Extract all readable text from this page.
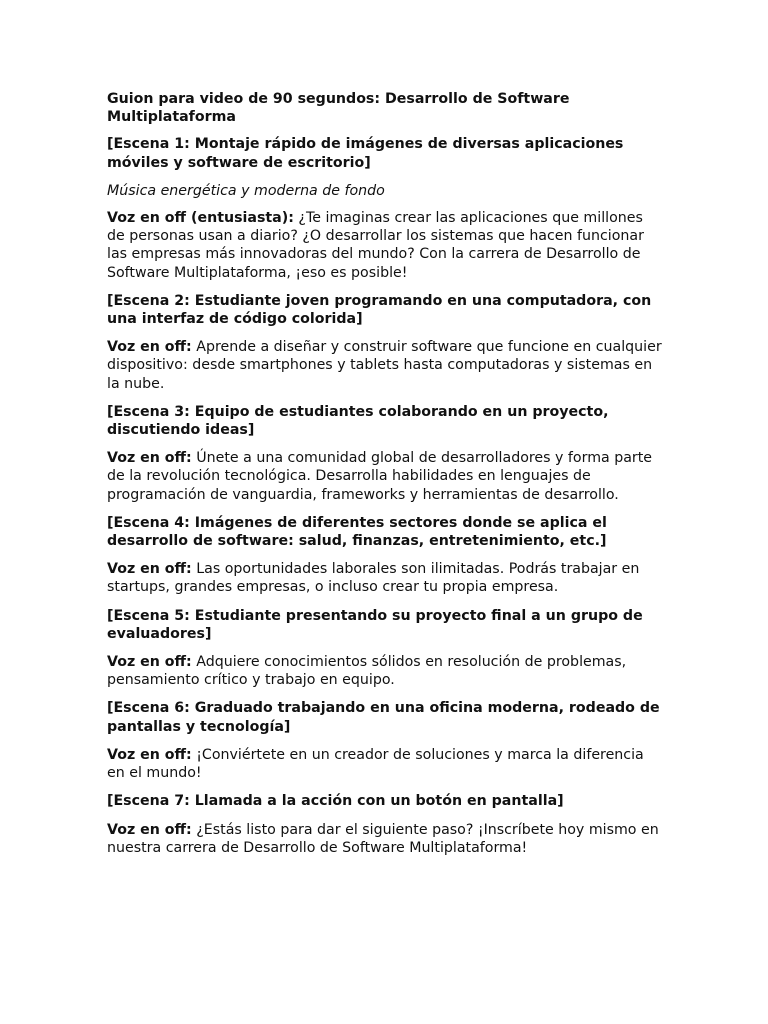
Guion para video de 90 segundos: Desarrollo de Software Multiplataforma
[Escena 1: Montaje rápido de imágenes de diversas aplicaciones móviles y software de escritorio]
Música energética y moderna de fondo
Voz en off (entusiasta): ¿Te imaginas crear las aplicaciones que millones de personas usan a diario? ¿O desarrollar los sistemas que hacen funcionar las empresas más innovadoras del mundo? Con la carrera de Desarrollo de Software Multiplataforma, ¡eso es posible!
[Escena 2: Estudiante joven programando en una computadora, con una interfaz de código colorida]
Voz en off: Aprende a diseñar y construir software que funcione en cualquier dispositivo: desde smartphones y tablets hasta computadoras y sistemas en la nube.
[Escena 3: Equipo de estudiantes colaborando en un proyecto, discutiendo ideas]
Voz en off: Únete a una comunidad global de desarrolladores y forma parte de la revolución tecnológica. Desarrolla habilidades en lenguajes de programación de vanguardia, frameworks y herramientas de desarrollo.
[Escena 4: Imágenes de diferentes sectores donde se aplica el desarrollo de software: salud, finanzas, entretenimiento, etc.]
Voz en off: Las oportunidades laborales son ilimitadas. Podrás trabajar en startups, grandes empresas, o incluso crear tu propia empresa.
[Escena 5: Estudiante presentando su proyecto final a un grupo de evaluadores]
Voz en off: Adquiere conocimientos sólidos en resolución de problemas, pensamiento crítico y trabajo en equipo.
[Escena 6: Graduado trabajando en una oficina moderna, rodeado de pantallas y tecnología]
Voz en off: ¡Conviértete en un creador de soluciones y marca la diferencia en el mundo!
[Escena 7: Llamada a la acción con un botón en pantalla]
Voz en off: ¿Estás listo para dar el siguiente paso? ¡Inscríbete hoy mismo en nuestra carrera de Desarrollo de Software Multiplataforma!
